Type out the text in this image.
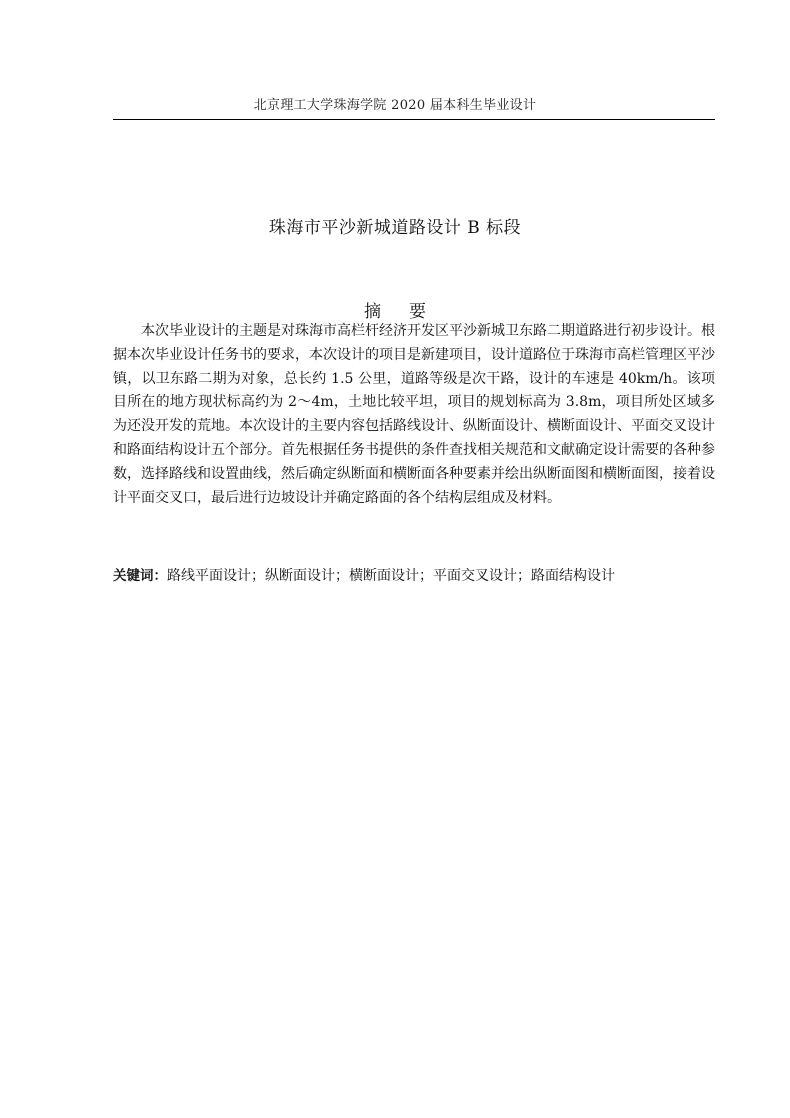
北京理工大学珠海学院 2020 届本科生毕业设计
珠海市平沙新城道路设计 B 标段
摘 要

本次毕业设计的主题是对珠海市高栏杆经济开发区平沙新城卫东路二期道路进行初步设计。根据本次毕业设计任务书的要求，本次设计的项目是新建项目，设计道路位于珠海市高栏管理区平沙镇，以卫东路二期为对象，总长约 1.5 公里，道路等级是次干路，设计的车速是 40km/h。该项目所在的地方现状标高约为 2～4m，土地比较平坦，项目的规划标高为 3.8m，项目所处区域多为还没开发的荒地。本次设计的主要内容包括路线设计、纵断面设计、横断面设计、平面交叉设计和路面结构设计五个部分。首先根据任务书提供的条件查找相关规范和文献确定设计需要的各种参数，选择路线和设置曲线，然后确定纵断面和横断面各种要素并绘出纵断面图和横断面图，接着设计平面交叉口，最后进行边坡设计并确定路面的各个结构层组成及材料。

关键词：路线平面设计；纵断面设计；横断面设计；平面交叉设计；路面结构设计
